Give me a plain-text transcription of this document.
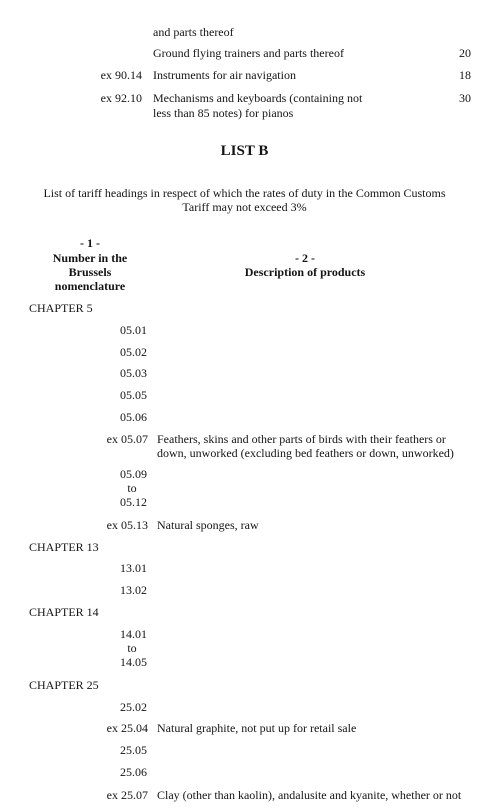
and parts thereof
Ground flying trainers and parts thereof	20
ex 90.14 Instruments for air navigation	18
ex 92.10 Mechanisms and keyboards (containing not
less than 85 notes) for pianos
30
LIST B
List of tariff headings in respect of which the rates of duty in the Common Customs
Tariff may not exceed 3%
- 1 -
Number in the
Brussels
nomenclature
- 2 -
Description of products
CHAPTER 5
05.01
05.02
05.03
05.05
05.06
ex 05.07 Feathers, skins and other parts of birds with their feathers or
down, unworked (excluding bed feathers or down, unworked)
05.09
to
05.12
ex 05.13 Natural sponges, raw
CHAPTER 13
13.01
13.02
CHAPTER 14
14.01
to
14.05
CHAPTER 25
25.02
ex 25.04 Natural graphite, not put up for retail sale
25.05
25.06
ex 25.07 Clay (other than kaolin), andalusite and kyanite, whether or not
